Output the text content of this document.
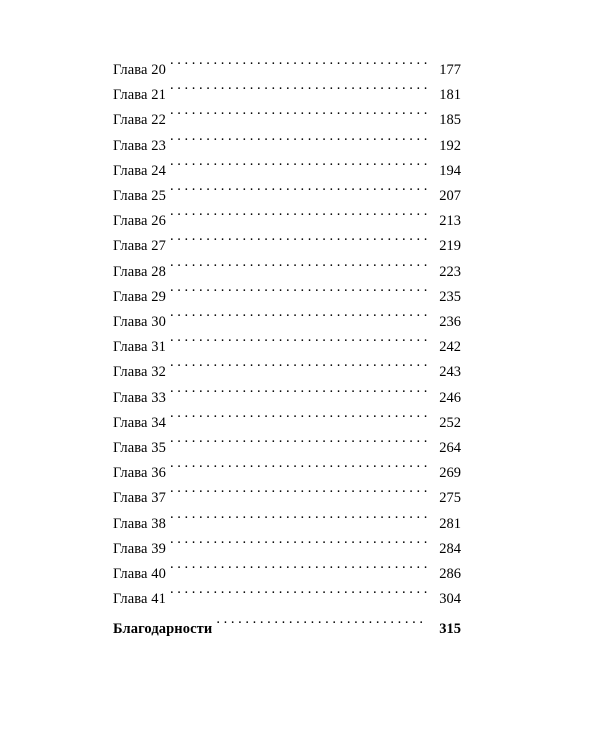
Глава 20 . . .	177
Глава 21 . . .	181
Глава 22 . . .	185
Глава 23 . . .	192
Глава 24 . . .	194
Глава 25 . . .	207
Глава 26 . . .	213
Глава 27 . . .	219
Глава 28 . . .	223
Глава 29 . . .	235
Глава 30 . . .	236
Глава 31 . . .	242
Глава 32 . . .	243
Глава 33 . . .	246
Глава 34 . . .	252
Глава 35 . . .	264
Глава 36 . . .	269
Глава 37 . . .	275
Глава 38 . . .	281
Глава 39 . . .	284
Глава 40 . . .	286
Глава 41 . . .	304
Благодарности . . .	315
